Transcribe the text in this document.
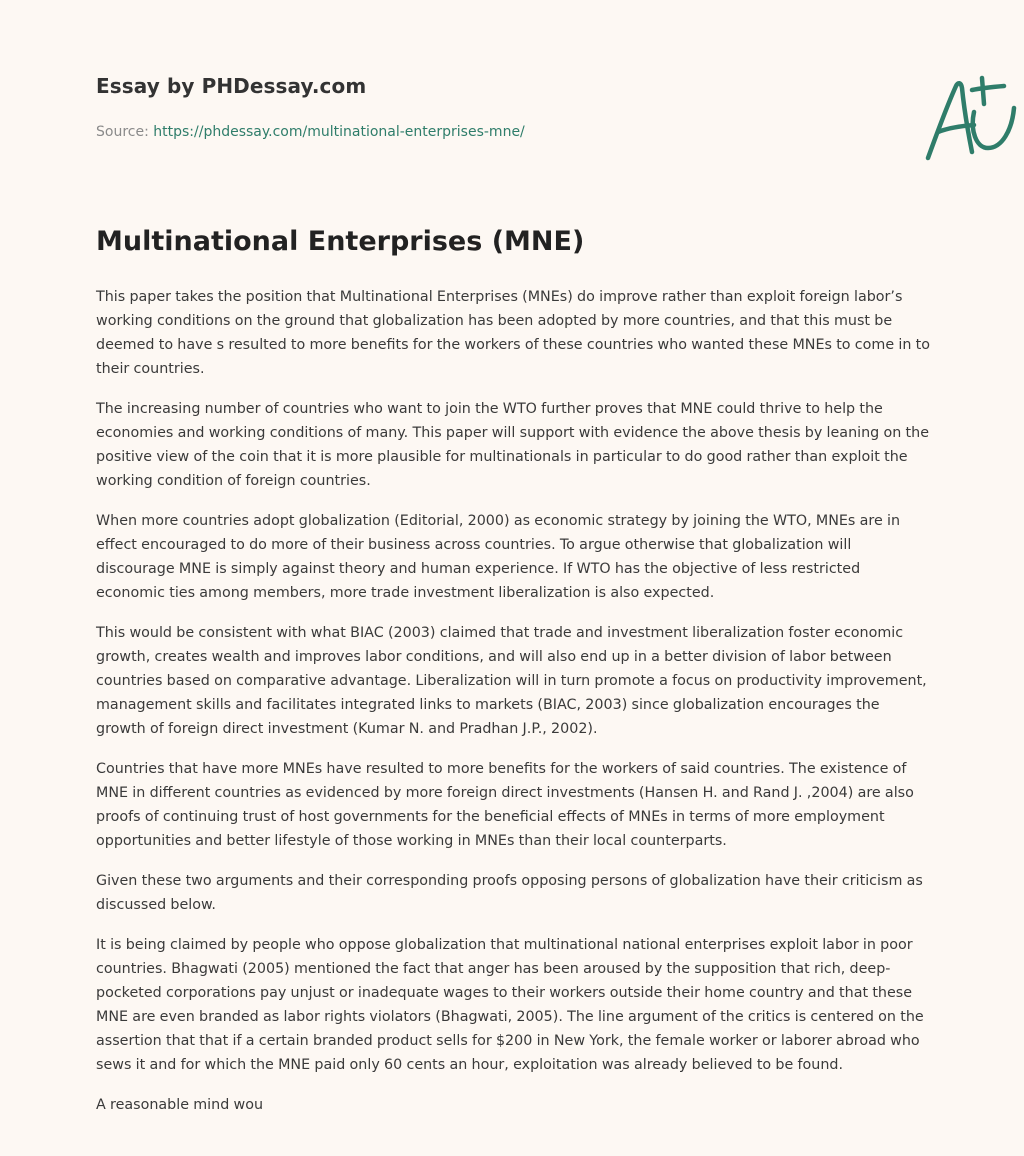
Essay by PHDessay.com
Source: https://phdessay.com/multinational-enterprises-mne/
Multinational Enterprises (MNE)

This paper takes the position that Multinational Enterprises (MNEs) do improve rather than exploit foreign labor’s working conditions on the ground that globalization has been adopted by more countries, and that this must be deemed to have s resulted to more benefits for the workers of these countries who wanted these MNEs to come in to their countries.

The increasing number of countries who want to join the WTO further proves that MNE could thrive to help the economies and working conditions of many. This paper will support with evidence the above thesis by leaning on the positive view of the coin that it is more plausible for multinationals in particular to do good rather than exploit the working condition of foreign countries.

When more countries adopt globalization (Editorial, 2000) as economic strategy by joining the WTO, MNEs are in effect encouraged to do more of their business across countries. To argue otherwise that globalization will discourage MNE is simply against theory and human experience. If WTO has the objective of less restricted economic ties among members, more trade investment liberalization is also expected.

This would be consistent with what BIAC (2003) claimed that trade and investment liberalization foster economic growth, creates wealth and improves labor conditions, and will also end up in a better division of labor between countries based on comparative advantage. Liberalization will in turn promote a focus on productivity improvement, management skills and facilitates integrated links to markets (BIAC, 2003) since globalization encourages the growth of foreign direct investment (Kumar N. and Pradhan J.P., 2002).

Countries that have more MNEs have resulted to more benefits for the workers of said countries. The existence of MNE in different countries as evidenced by more foreign direct investments (Hansen H. and Rand J. ,2004) are also proofs of continuing trust of host governments for the beneficial effects of MNEs in terms of more employment opportunities and better lifestyle of those working in MNEs than their local counterparts.

Given these two arguments and their corresponding proofs opposing persons of globalization have their criticism as discussed below.

It is being claimed by people who oppose globalization that multinational national enterprises exploit labor in poor countries. Bhagwati (2005) mentioned the fact that anger has been aroused by the supposition that rich, deep-pocketed corporations pay unjust or inadequate wages to their workers outside their home country and that these MNE are even branded as labor rights violators (Bhagwati, 2005). The line argument of the critics is centered on the assertion that that if a certain branded product sells for $200 in New York, the female worker or laborer abroad who sews it and for which the MNE paid only 60 cents an hour, exploitation was already believed to be found.

A reasonable mind wou
